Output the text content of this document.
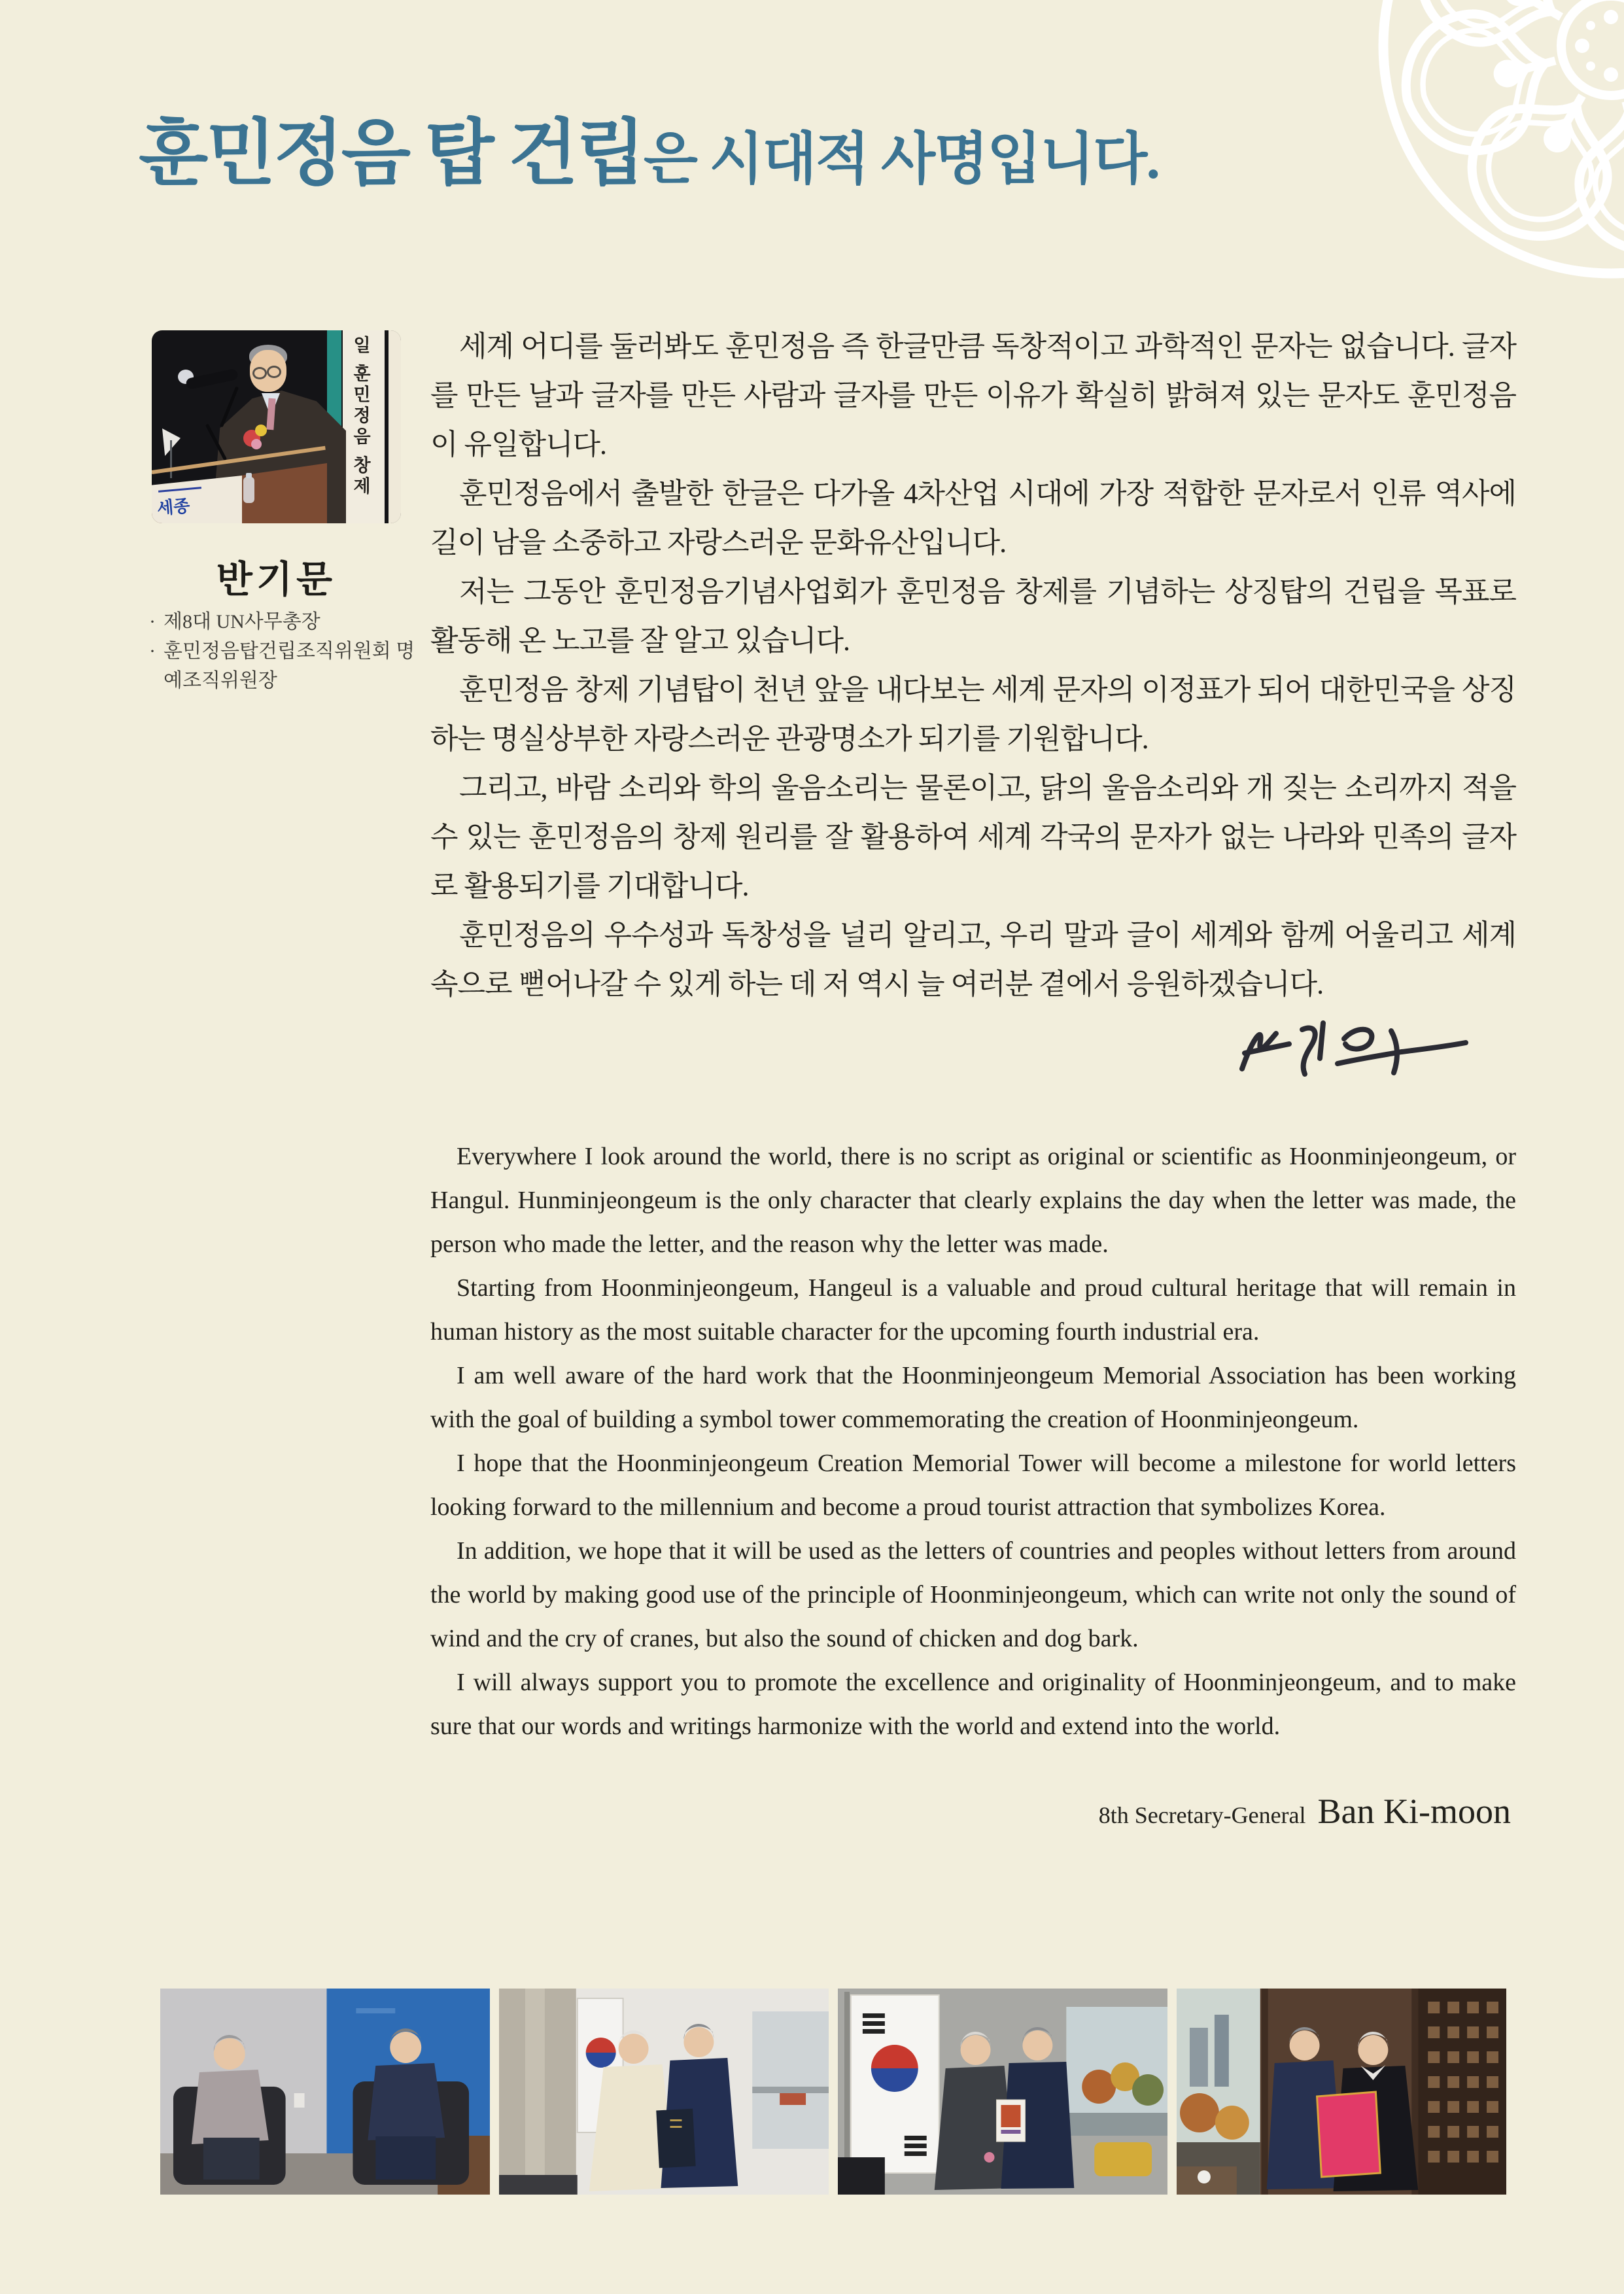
훈민정음 탑 건립은 시대적 사명입니다.
일 훈민정음 창제
세종
반기문
· 제8대 UN사무총장
· 훈민정음탑건립조직위원회 명예조직위원장

세계 어디를 둘러봐도 훈민정음 즉 한글만큼 독창적이고 과학적인 문자는 없습니다. 글자를 만든 날과 글자를 만든 사람과 글자를 만든 이유가 확실히 밝혀져 있는 문자도 훈민정음이 유일합니다.

훈민정음에서 출발한 한글은 다가올 4차산업 시대에 가장 적합한 문자로서 인류 역사에 길이 남을 소중하고 자랑스러운 문화유산입니다.

저는 그동안 훈민정음기념사업회가 훈민정음 창제를 기념하는 상징탑의 건립을 목표로 활동해 온 노고를 잘 알고 있습니다.

훈민정음 창제 기념탑이 천년 앞을 내다보는 세계 문자의 이정표가 되어 대한민국을 상징하는 명실상부한 자랑스러운 관광명소가 되기를 기원합니다.

그리고, 바람 소리와 학의 울음소리는 물론이고, 닭의 울음소리와 개 짖는 소리까지 적을 수 있는 훈민정음의 창제 원리를 잘 활용하여 세계 각국의 문자가 없는 나라와 민족의 글자로 활용되기를 기대합니다.

훈민정음의 우수성과 독창성을 널리 알리고, 우리 말과 글이 세계와 함께 어울리고 세계 속으로 뻗어나갈 수 있게 하는 데 저 역시 늘 여러분 곁에서 응원하겠습니다.

Everywhere I look around the world, there is no script as original or scientific as Hoonminjeongeum, or Hangul. Hunminjeongeum is the only character that clearly explains the day when the letter was made, the person who made the letter, and the reason why the letter was made.

Starting from Hoonminjeongeum, Hangeul is a valuable and proud cultural heritage that will remain in human history as the most suitable character for the upcoming fourth industrial era.

I am well aware of the hard work that the Hoonminjeongeum Memorial Association has been working with the goal of building a symbol tower commemorating the creation of Hoonminjeongeum.

I hope that the Hoonminjeongeum Creation Memorial Tower will become a milestone for world letters looking forward to the millennium and become a proud tourist attraction that symbolizes Korea.

In addition, we hope that it will be used as the letters of countries and peoples without letters from around the world by making good use of the principle of Hoonminjeongeum, which can write not only the sound of wind and the cry of cranes, but also the sound of chicken and dog bark.

I will always support you to promote the excellence and originality of Hoonminjeongeum, and to make sure that our words and writings harmonize with the world and extend into the world.

8th Secretary-General Ban Ki-moon
